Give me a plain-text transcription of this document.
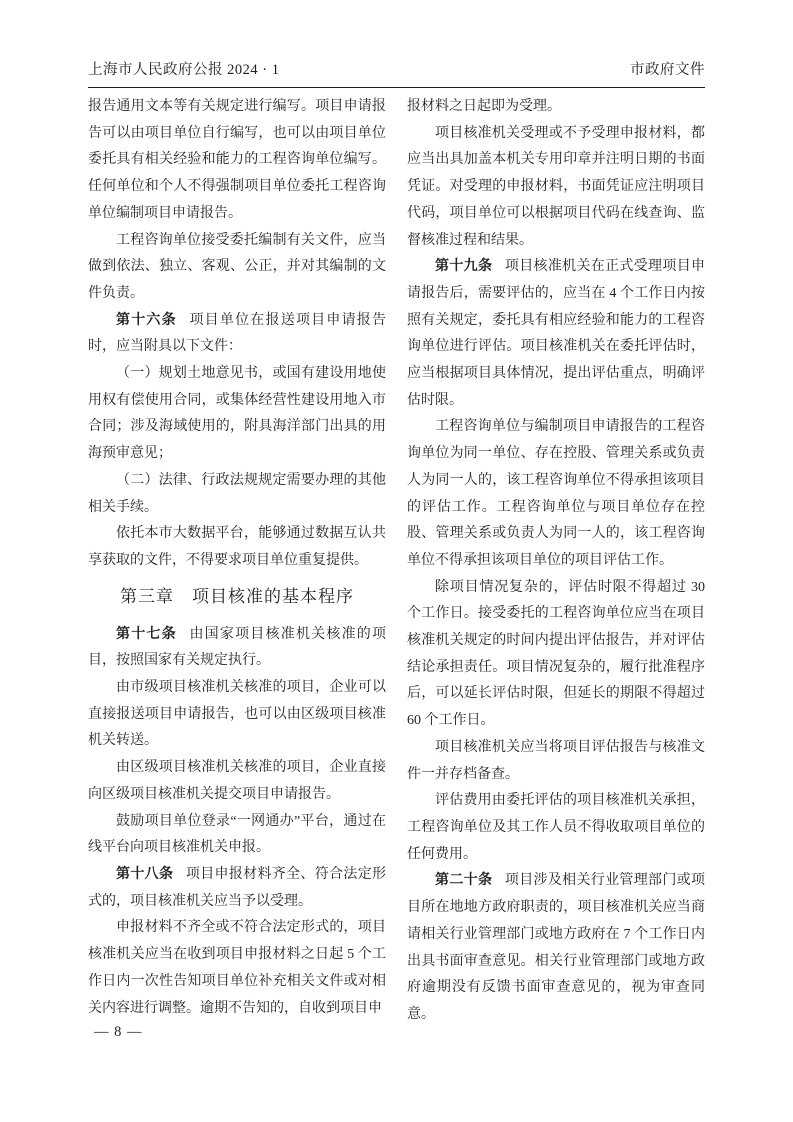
上海市人民政府公报 2024 · 1	市政府文件

报告通用文本等有关规定进行编写。项目申请报告可以由项目单位自行编写，也可以由项目单位委托具有相关经验和能力的工程咨询单位编写。任何单位和个人不得强制项目单位委托工程咨询单位编制项目申请报告。

工程咨询单位接受委托编制有关文件，应当做到依法、独立、客观、公正，并对其编制的文件负责。

第十六条 项目单位在报送项目申请报告时，应当附具以下文件：

（一）规划土地意见书，或国有建设用地使用权有偿使用合同，或集体经营性建设用地入市合同；涉及海域使用的，附具海洋部门出具的用海预审意见；

（二）法律、行政法规规定需要办理的其他相关手续。

依托本市大数据平台，能够通过数据互认共享获取的文件，不得要求项目单位重复提供。

第三章　项目核准的基本程序

第十七条 由国家项目核准机关核准的项目，按照国家有关规定执行。

由市级项目核准机关核准的项目，企业可以直接报送项目申请报告，也可以由区级项目核准机关转送。

由区级项目核准机关核准的项目，企业直接向区级项目核准机关提交项目申请报告。

鼓励项目单位登录“一网通办”平台，通过在线平台向项目核准机关申报。

第十八条 项目申报材料齐全、符合法定形式的，项目核准机关应当予以受理。

申报材料不齐全或不符合法定形式的，项目核准机关应当在收到项目申报材料之日起 5 个工作日内一次性告知项目单位补充相关文件或对相关内容进行调整。逾期不告知的，自收到项目申

报材料之日起即为受理。

项目核准机关受理或不予受理申报材料，都应当出具加盖本机关专用印章并注明日期的书面凭证。对受理的申报材料，书面凭证应注明项目代码，项目单位可以根据项目代码在线查询、监督核准过程和结果。

第十九条 项目核准机关在正式受理项目申请报告后，需要评估的，应当在 4 个工作日内按照有关规定，委托具有相应经验和能力的工程咨询单位进行评估。项目核准机关在委托评估时，应当根据项目具体情况，提出评估重点，明确评估时限。

工程咨询单位与编制项目申请报告的工程咨询单位为同一单位、存在控股、管理关系或负责人为同一人的，该工程咨询单位不得承担该项目的评估工作。工程咨询单位与项目单位存在控股、管理关系或负责人为同一人的，该工程咨询单位不得承担该项目单位的项目评估工作。

除项目情况复杂的，评估时限不得超过 30 个工作日。接受委托的工程咨询单位应当在项目核准机关规定的时间内提出评估报告，并对评估结论承担责任。项目情况复杂的，履行批准程序后，可以延长评估时限，但延长的期限不得超过 60 个工作日。

项目核准机关应当将项目评估报告与核准文件一并存档备查。

评估费用由委托评估的项目核准机关承担，工程咨询单位及其工作人员不得收取项目单位的任何费用。

第二十条 项目涉及相关行业管理部门或项目所在地地方政府职责的，项目核准机关应当商请相关行业管理部门或地方政府在 7 个工作日内出具书面审查意见。相关行业管理部门或地方政府逾期没有反馈书面审查意见的，视为审查同意。

— 8 —
